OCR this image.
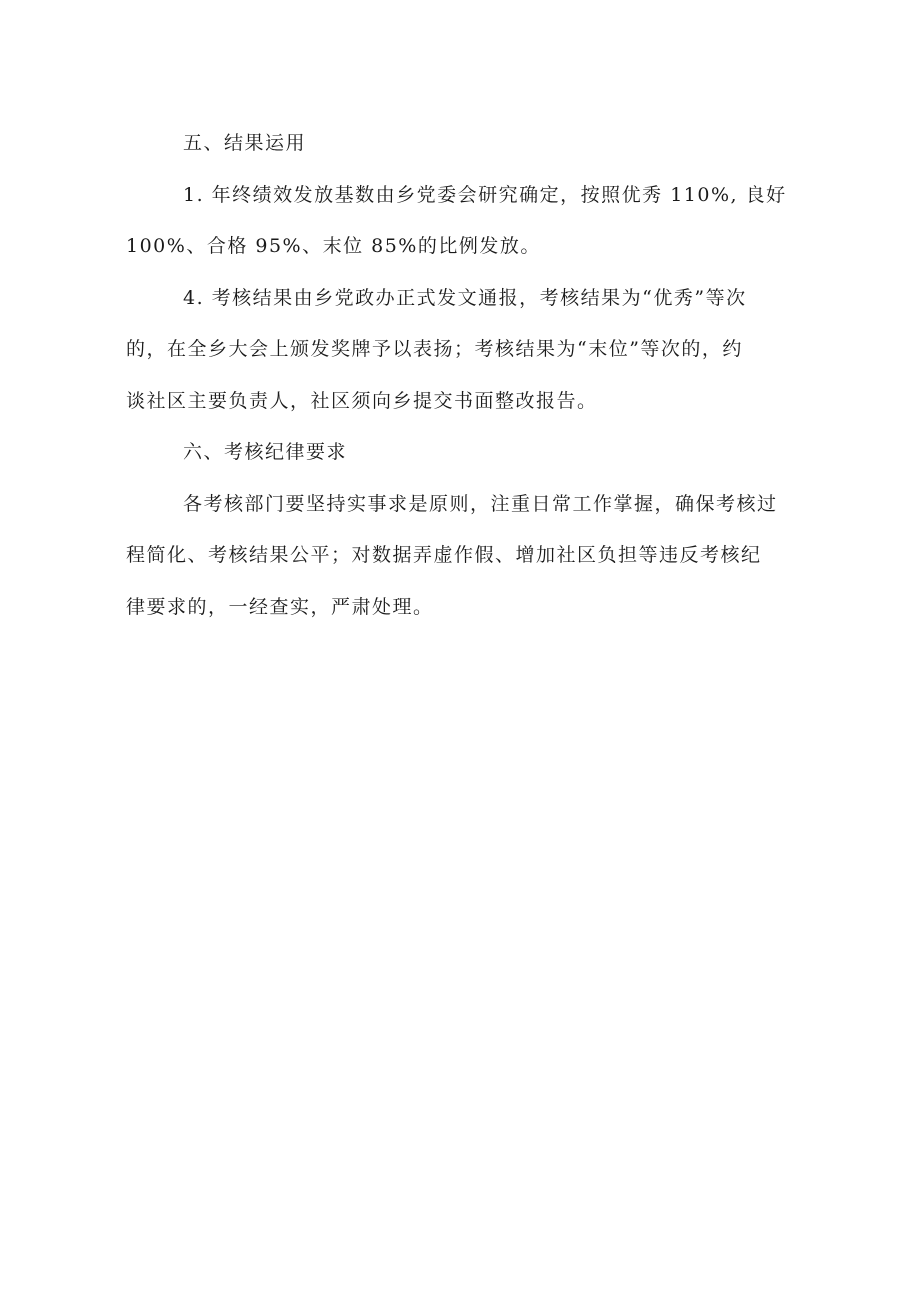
五、结果运用

1. 年终绩效发放基数由乡党委会研究确定，按照优秀 110%, 良好

100%、合格 95%、末位 85%的比例发放。

4. 考核结果由乡党政办正式发文通报，考核结果为“优秀”等次

的，在全乡大会上颁发奖牌予以表扬；考核结果为“末位”等次的，约

谈社区主要负责人，社区须向乡提交书面整改报告。

六、考核纪律要求

各考核部门要坚持实事求是原则，注重日常工作掌握，确保考核过

程简化、考核结果公平；对数据弄虚作假、增加社区负担等违反考核纪

律要求的，一经查实，严肃处理。
